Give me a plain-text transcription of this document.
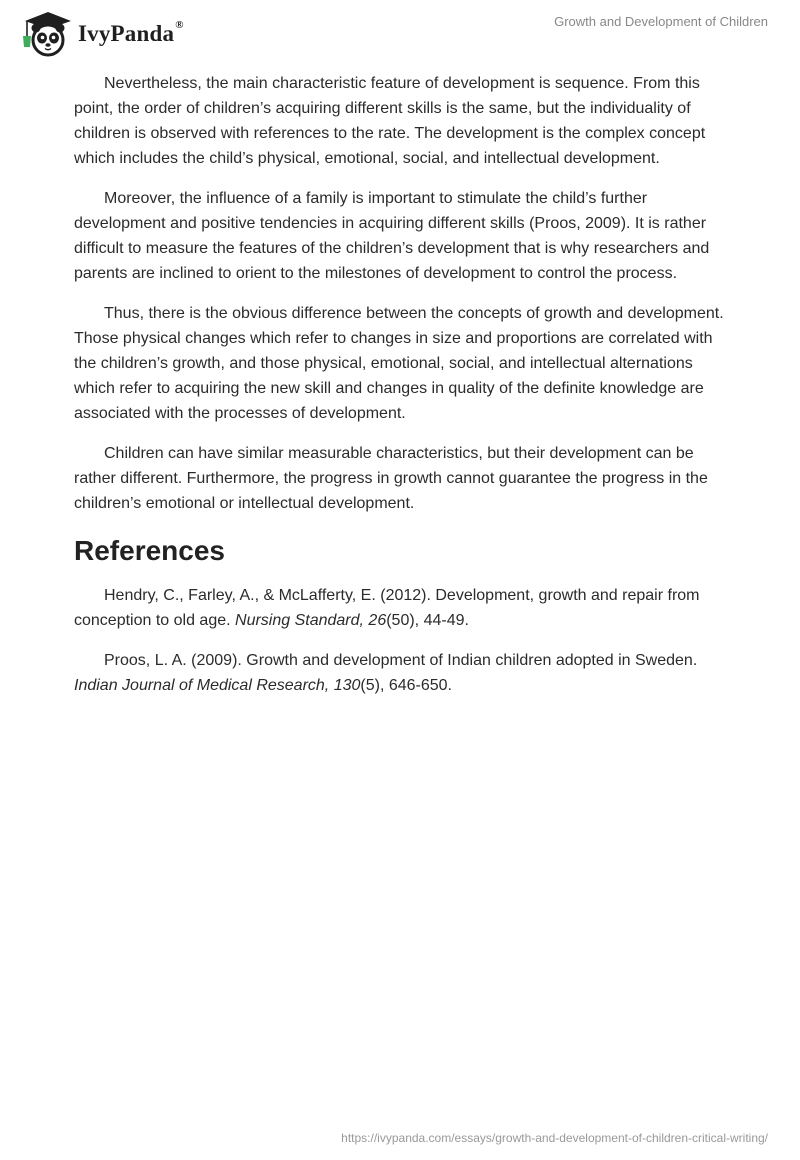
IvyPanda®	Growth and Development of Children

Nevertheless, the main characteristic feature of development is sequence. From this point, the order of children’s acquiring different skills is the same, but the individuality of children is observed with references to the rate. The development is the complex concept which includes the child’s physical, emotional, social, and intellectual development.

Moreover, the influence of a family is important to stimulate the child’s further development and positive tendencies in acquiring different skills (Proos, 2009). It is rather difficult to measure the features of the children’s development that is why researchers and parents are inclined to orient to the milestones of development to control the process.

Thus, there is the obvious difference between the concepts of growth and development. Those physical changes which refer to changes in size and proportions are correlated with the children’s growth, and those physical, emotional, social, and intellectual alternations which refer to acquiring the new skill and changes in quality of the definite knowledge are associated with the processes of development.

Children can have similar measurable characteristics, but their development can be rather different. Furthermore, the progress in growth cannot guarantee the progress in the children’s emotional or intellectual development.

References

Hendry, C., Farley, A., & McLafferty, E. (2012). Development, growth and repair from conception to old age. Nursing Standard, 26(50), 44-49.

Proos, L. A. (2009). Growth and development of Indian children adopted in Sweden. Indian Journal of Medical Research, 130(5), 646-650.

https://ivypanda.com/essays/growth-and-development-of-children-critical-writing/
